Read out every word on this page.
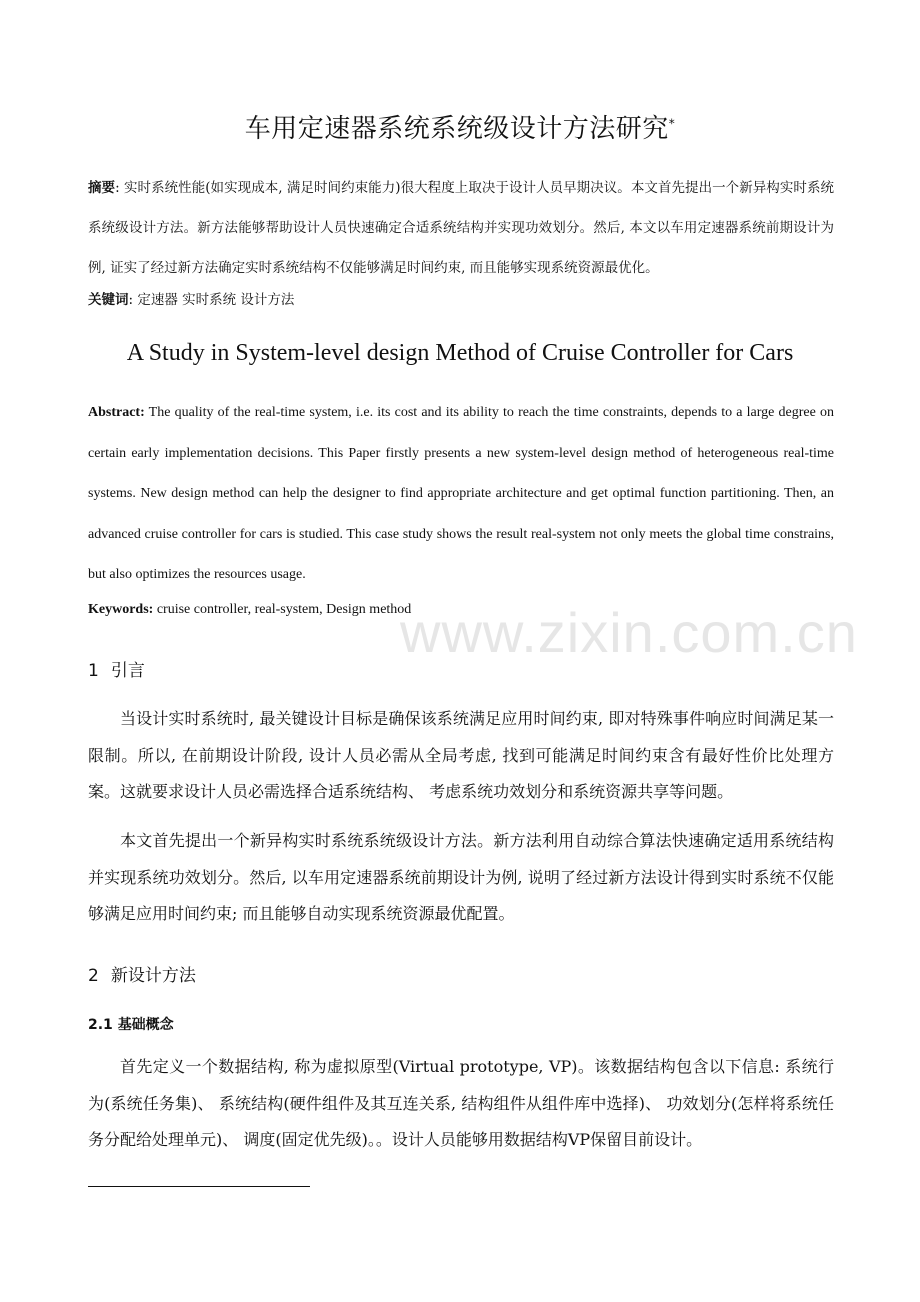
www.zixin.com.cn
车用定速器系统系统级设计方法研究*
摘要: 实时系统性能(如实现成本, 满足时间约束能力)很大程度上取决于设计人员早期决议。本文首先提出一个新异构实时系统系统级设计方法。新方法能够帮助设计人员快速确定合适系统结构并实现功效划分。然后, 本文以车用定速器系统前期设计为例, 证实了经过新方法确定实时系统结构不仅能够满足时间约束, 而且能够实现系统资源最优化。
关键词: 定速器 实时系统 设计方法
A Study in System-level design Method of Cruise Controller for Cars
Abstract: The quality of the real-time system, i.e. its cost and its ability to reach the time constraints, depends to a large degree on certain early implementation decisions. This Paper firstly presents a new system-level design method of heterogeneous real-time systems. New design method can help the designer to find appropriate architecture and get optimal function partitioning. Then, an advanced cruise controller for cars is studied. This case study shows the result real-system not only meets the global time constrains, but also optimizes the resources usage.
Keywords: cruise controller, real-system, Design method
1 引言
当设计实时系统时, 最关键设计目标是确保该系统满足应用时间约束, 即对特殊事件响应时间满足某一限制。所以, 在前期设计阶段, 设计人员必需从全局考虑, 找到可能满足时间约束含有最好性价比处理方案。这就要求设计人员必需选择合适系统结构、 考虑系统功效划分和系统资源共享等问题。
本文首先提出一个新异构实时系统系统级设计方法。新方法利用自动综合算法快速确定适用系统结构并实现系统功效划分。然后, 以车用定速器系统前期设计为例, 说明了经过新方法设计得到实时系统不仅能够满足应用时间约束; 而且能够自动实现系统资源最优配置。
2 新设计方法
2.1 基础概念
首先定义一个数据结构, 称为虚拟原型(Virtual prototype, VP)。该数据结构包含以下信息: 系统行为(系统任务集)、 系统结构(硬件组件及其互连关系, 结构组件从组件库中选择)、 功效划分(怎样将系统任务分配给处理单元)、 调度(固定优先级)。。设计人员能够用数据结构VP保留目前设计。
